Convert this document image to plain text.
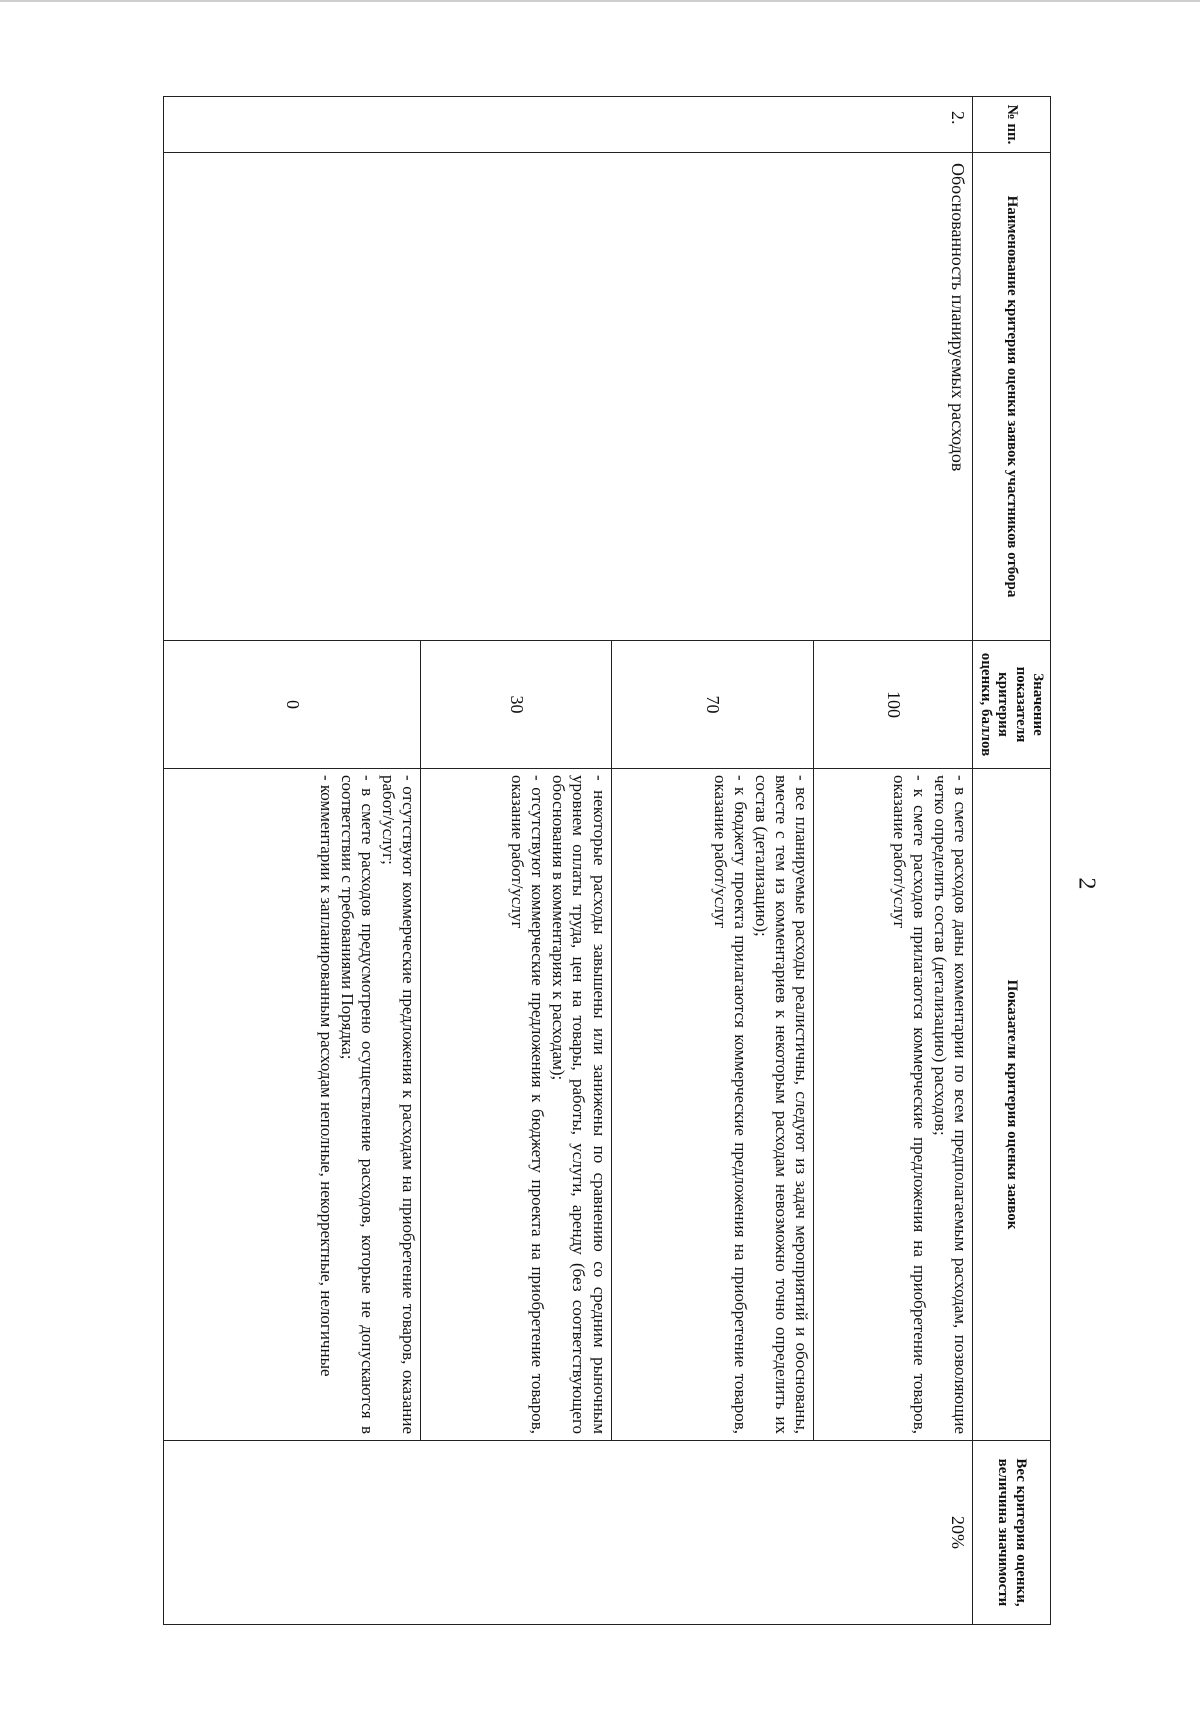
2
№ пп.	Наименование критерия оценки заявок участников отбора	Значение показателя критерия оценки, баллов	Показатели критерия оценки заявок	Вес критерия оценки, величина значимости
2.	Обоснованность планируемых расходов	100	- в смете расходов даны комментарии по всем предполагаемым расходам, позволяющие четко определить состав (детализацию) расходов;
- к смете расходов прилагаются коммерческие предложения на приобретение товаров, оказание работ/услуг	20%
		70	- все планируемые расходы реалистичны, следуют из задач мероприятий и обоснованы, вместе с тем из комментариев к некоторым расходам невозможно точно определить их состав (детализацию);
- к бюджету проекта прилагаются коммерческие предложения на приобретение товаров, оказание работ/услуг	

		30	- некоторые расходы завышены или занижены по сравнению со средним рыночным уровнем оплаты труда, цен на товары, работы, услуги, аренду (без соответствующего обоснования в комментариях к расходам);
- отсутствуют коммерческие предложения к бюджету проекта на приобретение товаров, оказание работ/услуг	

		0	- отсутствуют коммерческие предложения к расходам на приобретение товаров, оказание работ/услуг;
- в смете расходов предусмотрено осуществление расходов, которые не допускаются в соответствии с требованиями Порядка;
- комментарии к запланированным расходам неполные, некорректные, нелогичные	
